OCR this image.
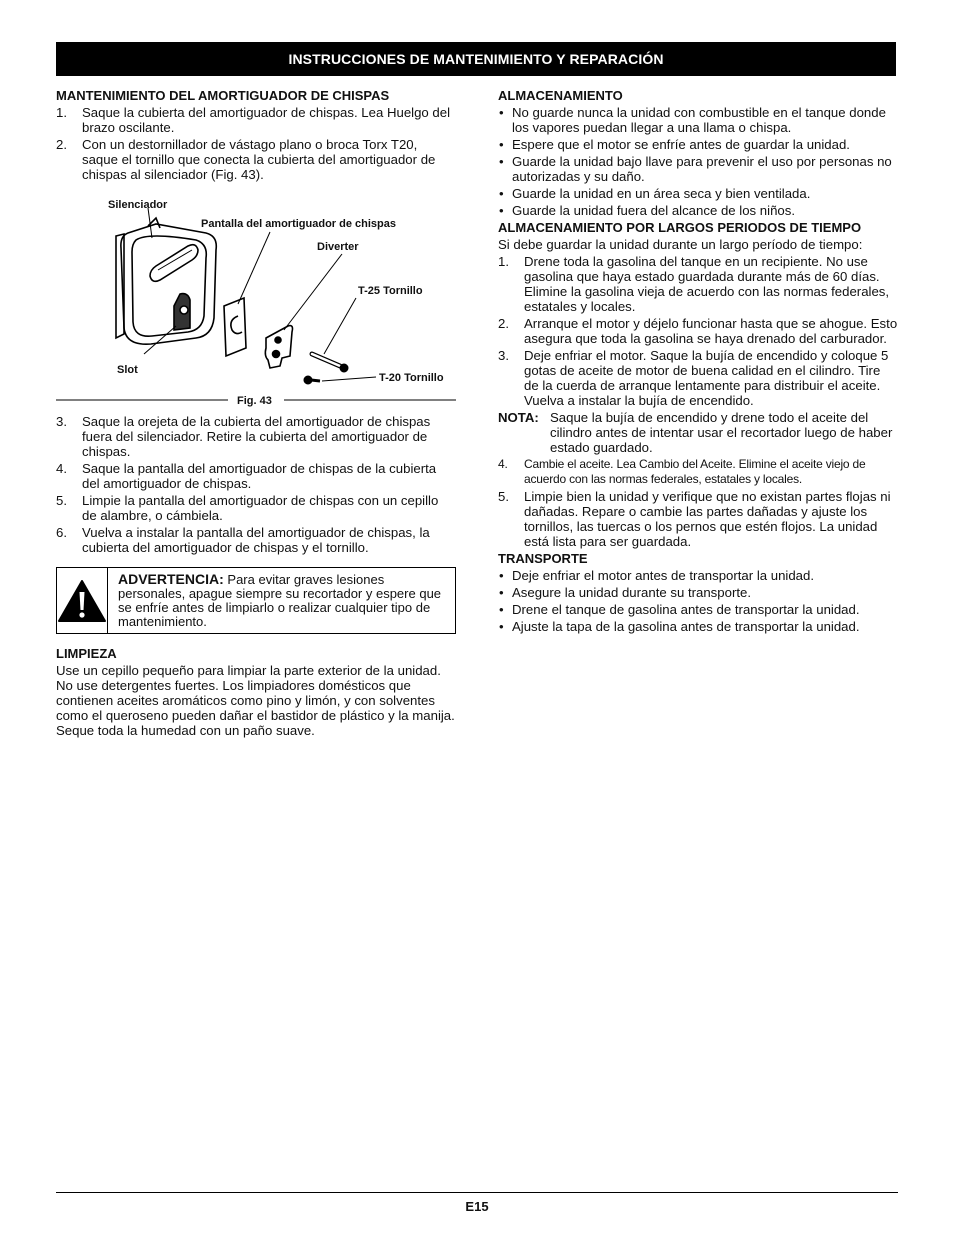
INSTRUCCIONES DE MANTENIMIENTO Y REPARACIÓN
MANTENIMIENTO DEL AMORTIGUADOR DE CHISPAS
1. Saque la cubierta del amortiguador de chispas. Lea Huelgo del brazo oscilante.
2. Con un destornillador de vástago plano o broca Torx T20, saque el tornillo que conecta la cubierta del amortiguador de chispas al silenciador (Fig. 43).
Silenciador
Pantalla del amortiguador de chispas
Diverter
T-25 Tornillo
Slot
T-20 Tornillo
Fig. 43
3. Saque la orejeta de la cubierta del amortiguador de chispas fuera del silenciador. Retire la cubierta del amortiguador de chispas.
4. Saque la pantalla del amortiguador de chispas de la cubierta del amortiguador de chispas.
5. Limpie la pantalla del amortiguador de chispas con un cepillo de alambre, o cámbiela.
6. Vuelva a instalar la pantalla del amortiguador de chispas, la cubierta del amortiguador de chispas y el tornillo.
ADVERTENCIA: Para evitar graves lesiones personales, apague siempre su recortador y espere que se enfríe antes de limpiarlo o realizar cualquier tipo de mantenimiento.
LIMPIEZA

Use un cepillo pequeño para limpiar la parte exterior de la unidad. No use detergentes fuertes. Los limpiadores domésticos que contienen aceites aromáticos como pino y limón, y con solventes como el queroseno pueden dañar el bastidor de plástico y la manija. Seque toda la humedad con un paño suave.

ALMACENAMIENTO
• No guarde nunca la unidad con combustible en el tanque donde los vapores puedan llegar a una llama o chispa.
• Espere que el motor se enfríe antes de guardar la unidad.
• Guarde la unidad bajo llave para prevenir el uso por personas no autorizadas y su daño.
• Guarde la unidad en un área seca y bien ventilada.
• Guarde la unidad fuera del alcance de los niños.
ALMACENAMIENTO POR LARGOS PERIODOS DE TIEMPO

Si debe guardar la unidad durante un largo período de tiempo:

1. Drene toda la gasolina del tanque en un recipiente. No use gasolina que haya estado guardada durante más de 60 días. Elimine la gasolina vieja de acuerdo con las normas federales, estatales y locales.
2. Arranque el motor y déjelo funcionar hasta que se ahogue. Esto asegura que toda la gasolina se haya drenado del carburador.
3. Deje enfriar el motor. Saque la bujía de encendido y coloque 5 gotas de aceite de motor de buena calidad en el cilindro. Tire de la cuerda de arranque lentamente para distribuir el aceite. Vuelva a instalar la bujía de encendido.
NOTA: Saque la bujía de encendido y drene todo el aceite del cilindro antes de intentar usar el recortador luego de haber estado guardado.
4. Cambie el aceite. Lea Cambio del Aceite. Elimine el aceite viejo de acuerdo con las normas federales, estatales y locales.
5. Limpie bien la unidad y verifique que no existan partes flojas ni dañadas. Repare o cambie las partes dañadas y ajuste los tornillos, las tuercas o los pernos que estén flojos. La unidad está lista para ser guardada.
TRANSPORTE
• Deje enfriar el motor antes de transportar la unidad.
• Asegure la unidad durante su transporte.
• Drene el tanque de gasolina antes de transportar la unidad.
• Ajuste la tapa de la gasolina antes de transportar la unidad.
E15
